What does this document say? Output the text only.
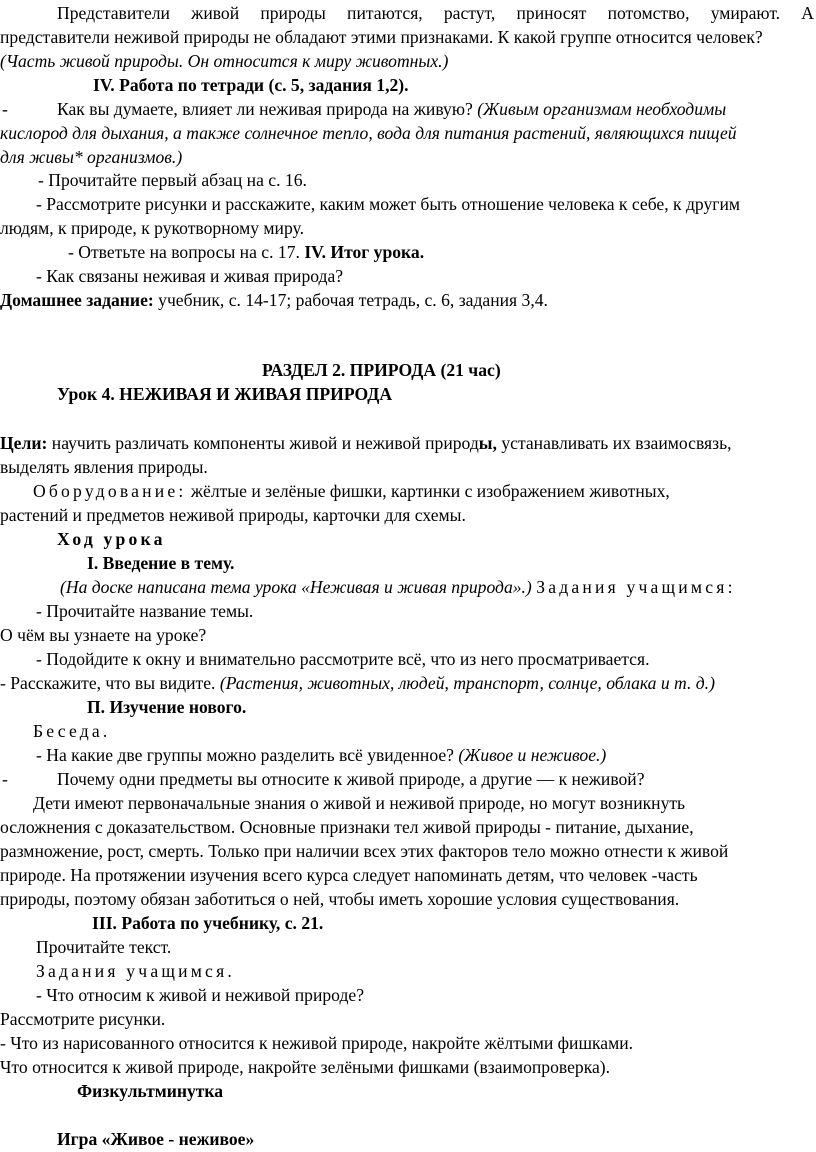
Представители живой природы питаются, растут, приносят потомство, умирают. А
представители неживой природы не обладают этими признаками. К какой группе относится человек?
(Часть живой природы. Он относится к миру животных.)
IV. Работа по тетради (с. 5, задания 1,2).
-	Как вы думаете, влияет ли неживая природа на живую? (Живым организмам необходимы
кислород для дыхания, а также солнечное тепло, вода для питания растений, являющихся пищей
для живы* организмов.)
- Прочитайте первый абзац на с. 16.
- Рассмотрите рисунки и расскажите, каким может быть отношение человека к себе, к другим
людям, к природе, к рукотворному миру.
- Ответьте на вопросы на с. 17. IV. Итог урока.
- Как связаны неживая и живая природа?
Домашнее задание: учебник, с. 14-17; рабочая тетрадь, с. 6, задания 3,4.
РАЗДЕЛ 2. ПРИРОДА (21 час)
Урок 4. НЕЖИВАЯ И ЖИВАЯ ПРИРОДА
Цели: научить различать компоненты живой и неживой природы, устанавливать их взаимосвязь,
выделять явления природы.
Оборудование: жёлтые и зелёные фишки, картинки с изображением животных,
растений и предметов неживой природы, карточки для схемы.
Ход урока
I. Введение в тему.
(На доске написана тема урока «Неживая и живая природа».) Задания учащимся:
- Прочитайте название темы.
О чём вы узнаете на уроке?
- Подойдите к окну и внимательно рассмотрите всё, что из него просматривается.
- Расскажите, что вы видите. (Растения, животных, людей, транспорт, солнце, облака и т. д.)
П. Изучение нового.
Беседа.
- На какие две группы можно разделить всё увиденное? (Живое и неживое.)
-	Почему одни предметы вы относите к живой природе, а другие — к неживой?
Дети имеют первоначальные знания о живой и неживой природе, но могут возникнуть
осложнения с доказательством. Основные признаки тел живой природы - питание, дыхание,
размножение, рост, смерть. Только при наличии всех этих факторов тело можно отнести к живой
природе. На протяжении изучения всего курса следует напоминать детям, что человек -часть
природы, поэтому обязан заботиться о ней, чтобы иметь хорошие условия существования.
III. Работа по учебнику, с. 21.
Прочитайте текст.
Задания учащимся.
- Что относим к живой и неживой природе?
Рассмотрите рисунки.
- Что из нарисованного относится к неживой природе, накройте жёлтыми фишками.
Что относится к живой природе, накройте зелёными фишками (взаимопроверка).
Физкультминутка
Игра «Живое - неживое»
